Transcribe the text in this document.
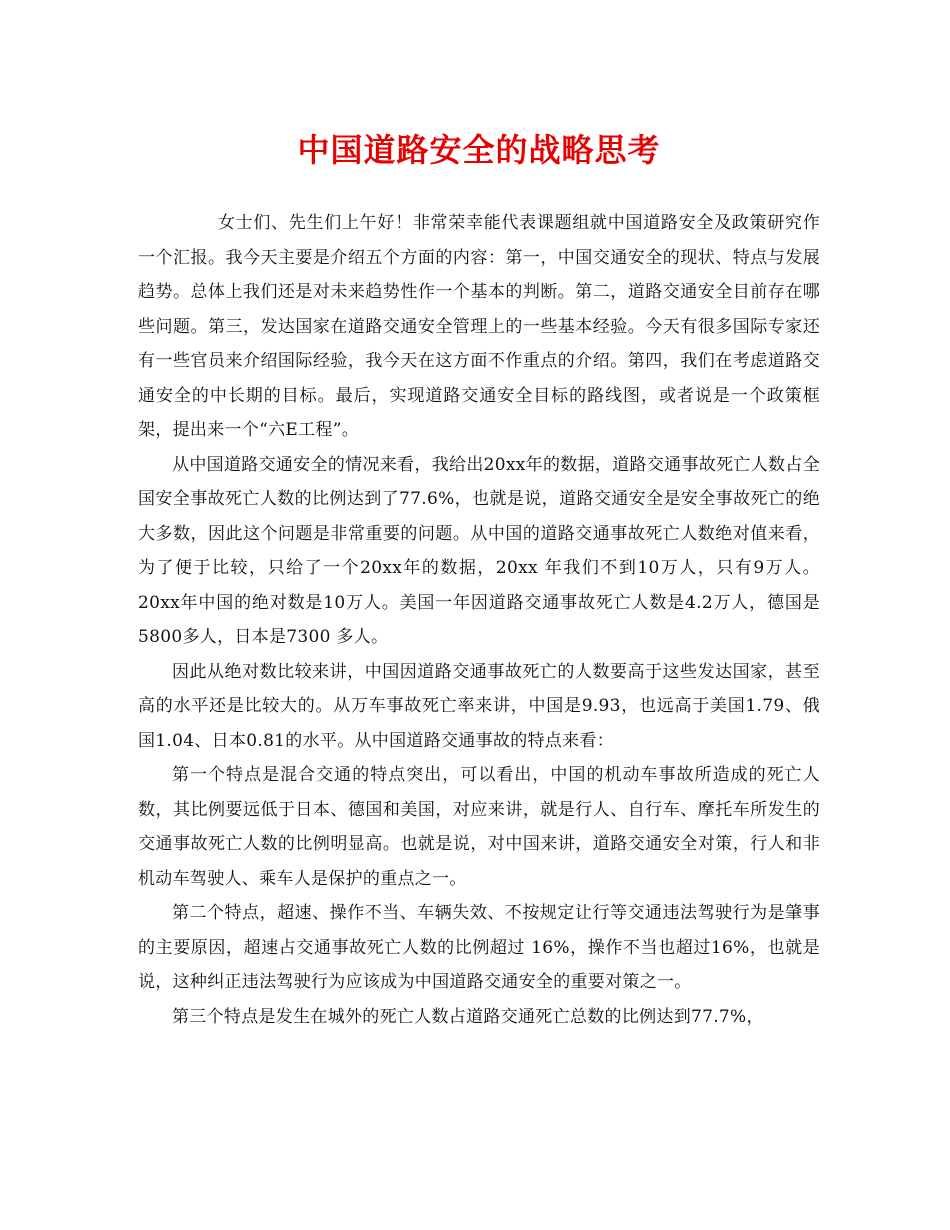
中国道路安全的战略思考

女士们、先生们上午好！非常荣幸能代表课题组就中国道路安全及政策研究作一个汇报。我今天主要是介绍五个方面的内容：第一，中国交通安全的现状、特点与发展趋势。总体上我们还是对未来趋势性作一个基本的判断。第二，道路交通安全目前存在哪些问题。第三，发达国家在道路交通安全管理上的一些基本经验。今天有很多国际专家还有一些官员来介绍国际经验，我今天在这方面不作重点的介绍。第四，我们在考虑道路交通安全的中长期的目标。最后，实现道路交通安全目标的路线图，或者说是一个政策框架，提出来一个“六E工程”。

从中国道路交通安全的情况来看，我给出20xx年的数据，道路交通事故死亡人数占全国安全事故死亡人数的比例达到了77.6%，也就是说，道路交通安全是安全事故死亡的绝大多数，因此这个问题是非常重要的问题。从中国的道路交通事故死亡人数绝对值来看，为了便于比较，只给了一个20xx年的数据，20xx 年我们不到10万人，只有9万人。20xx年中国的绝对数是10万人。美国一年因道路交通事故死亡人数是4.2万人，德国是5800多人，日本是7300 多人。

因此从绝对数比较来讲，中国因道路交通事故死亡的人数要高于这些发达国家，甚至高的水平还是比较大的。从万车事故死亡率来讲，中国是9.93，也远高于美国1.79、俄国1.04、日本0.81的水平。从中国道路交通事故的特点来看：

第一个特点是混合交通的特点突出，可以看出，中国的机动车事故所造成的死亡人数，其比例要远低于日本、德国和美国，对应来讲，就是行人、自行车、摩托车所发生的交通事故死亡人数的比例明显高。也就是说，对中国来讲，道路交通安全对策，行人和非机动车驾驶人、乘车人是保护的重点之一。

第二个特点，超速、操作不当、车辆失效、不按规定让行等交通违法驾驶行为是肇事的主要原因，超速占交通事故死亡人数的比例超过 16%，操作不当也超过16%，也就是说，这种纠正违法驾驶行为应该成为中国道路交通安全的重要对策之一。

第三个特点是发生在城外的死亡人数占道路交通死亡总数的比例达到77.7%，
